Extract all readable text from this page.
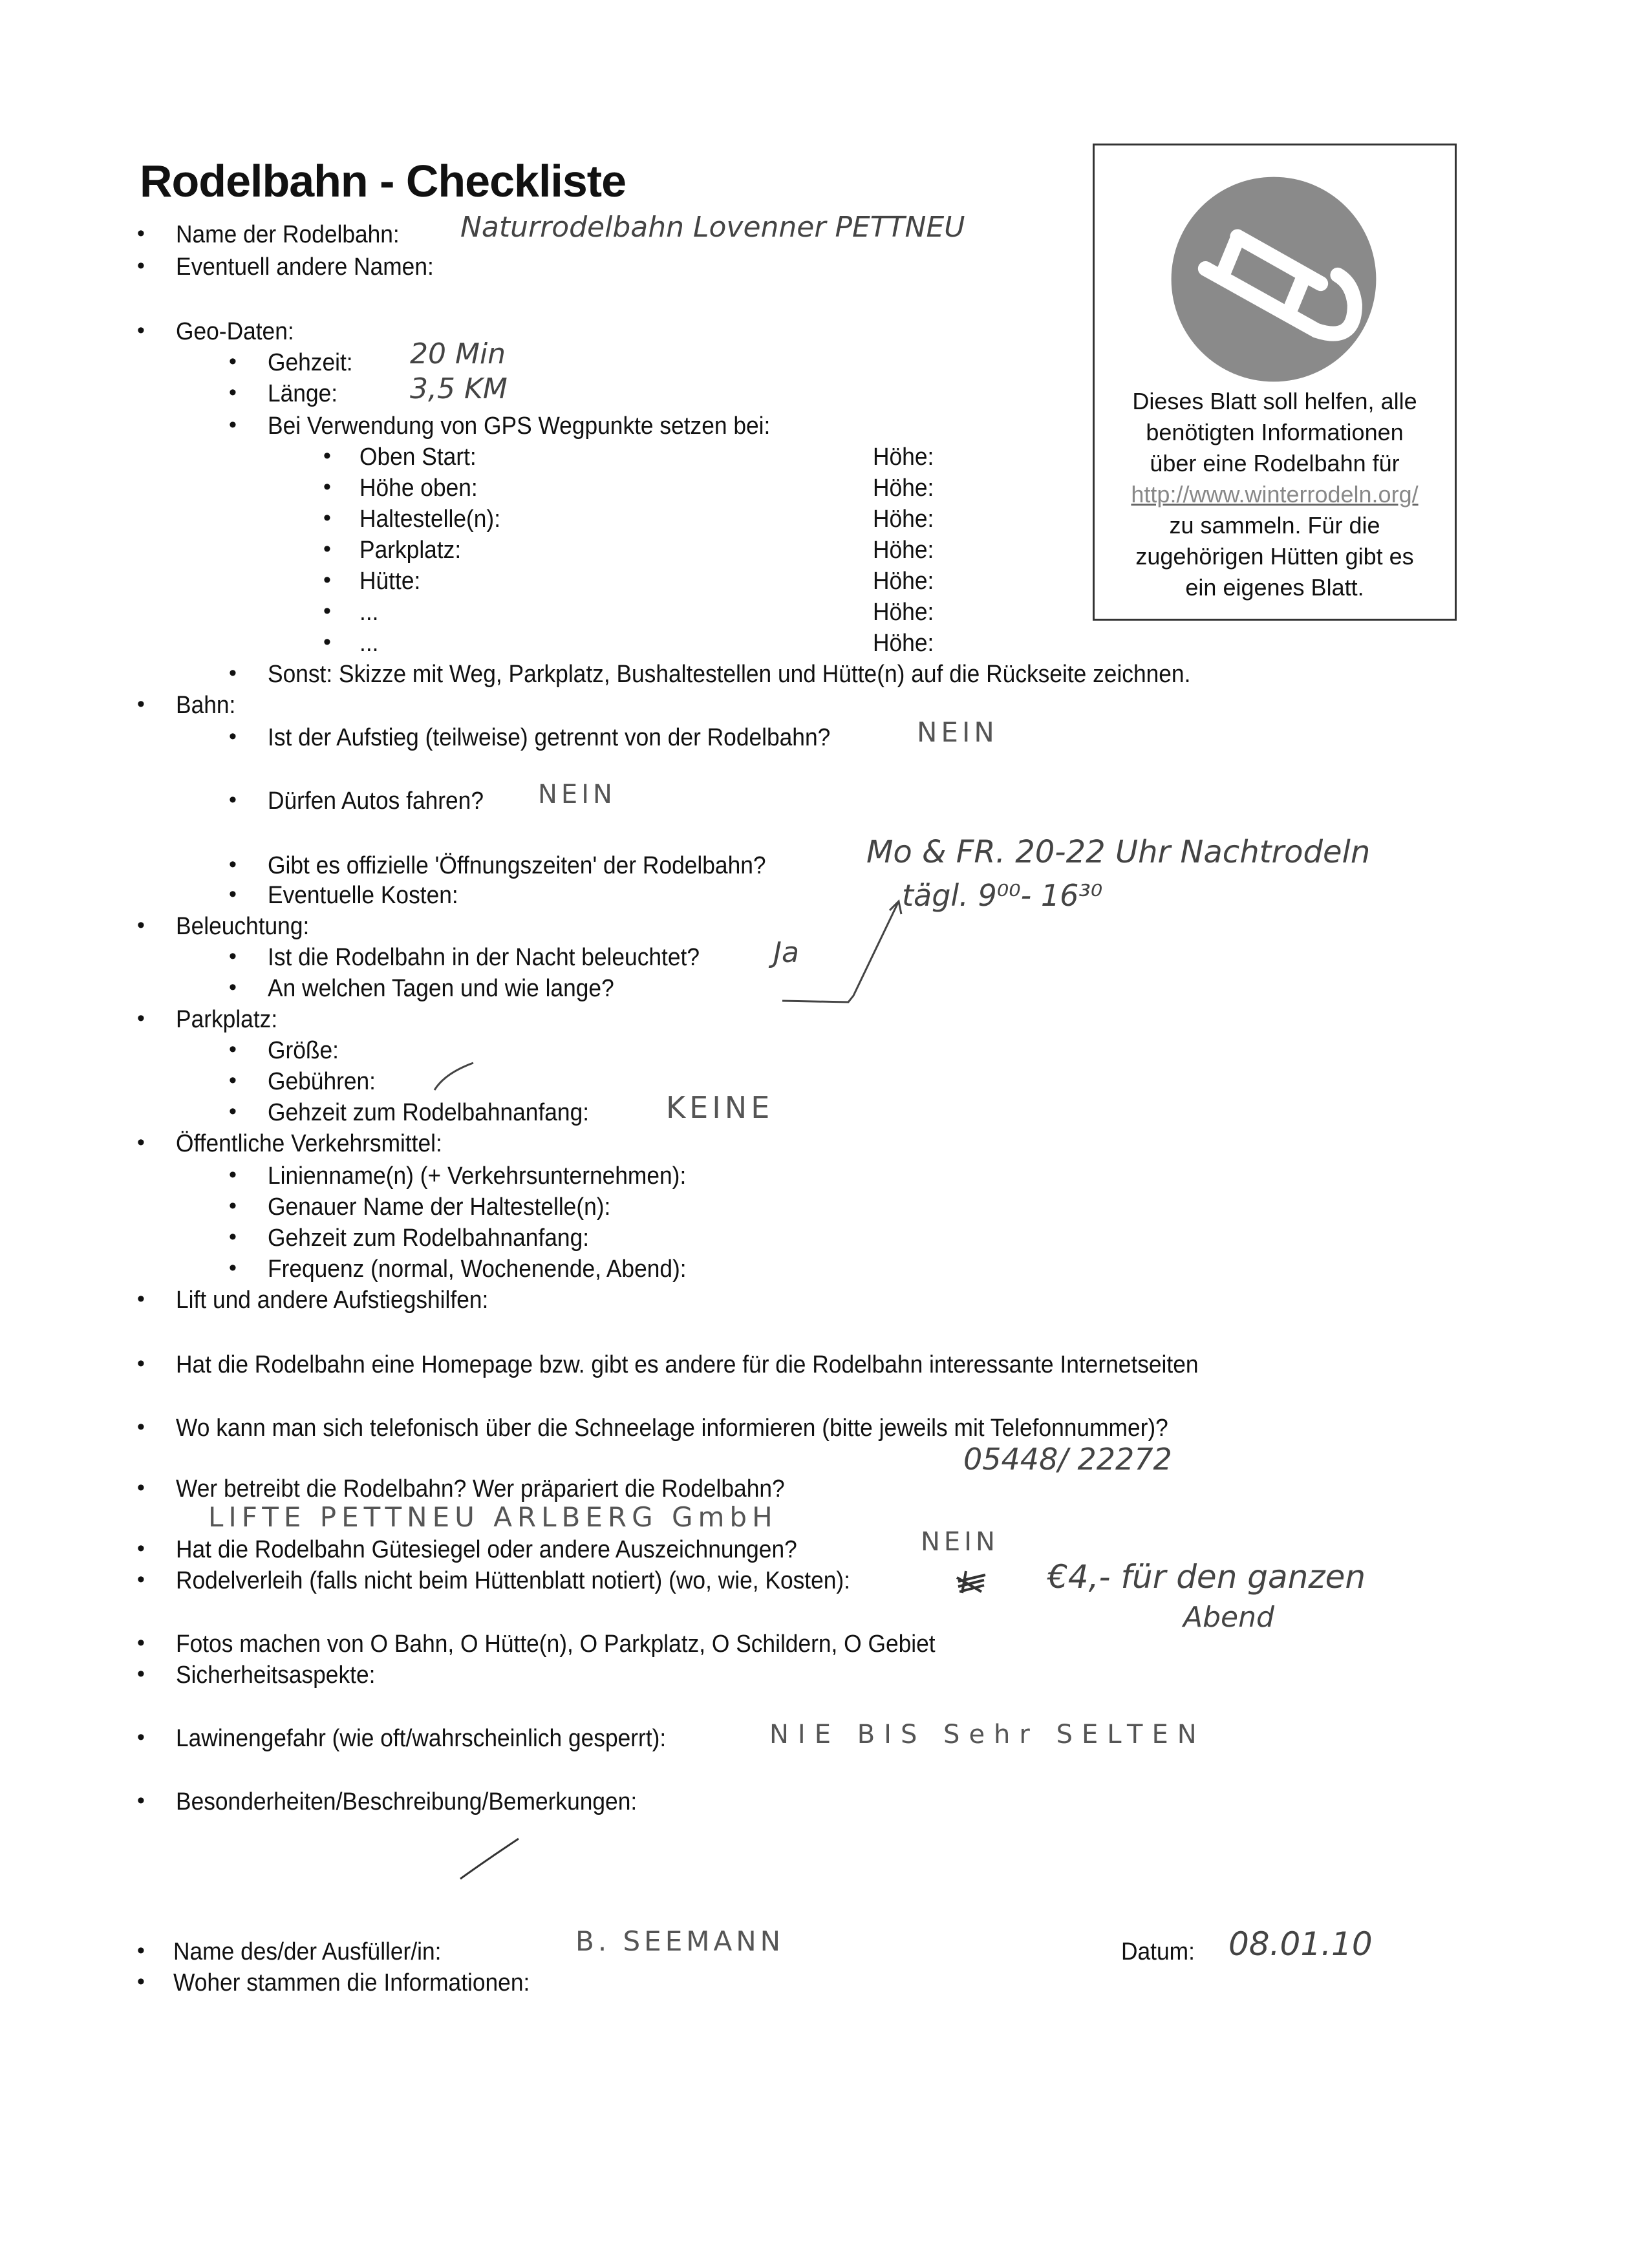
Rodelbahn - Checkliste
Dieses Blatt soll helfen, alle
benötigten Informationen
über eine Rodelbahn für
http://www.winterrodeln.org/
zu sammeln. Für die
zugehörigen Hütten gibt es
ein eigenes Blatt.
• Name der Rodelbahn: Naturrodelbahn Lovenner PETTNEU
• Eventuell andere Namen:
• Geo-Daten:
• Gehzeit: 20 Min
• Länge:	3,5 KM
• Bei Verwendung von GPS Wegpunkte setzen bei:
• Oben Start:	Höhe:
• Höhe oben:	Höhe:
• Haltestelle(n):	Höhe:
• Parkplatz:	Höhe:
• Hütte:	Höhe:
• ...	Höhe:
• ...	Höhe:
• Sonst: Skizze mit Weg, Parkplatz, Bushaltestellen und Hütte(n) auf die Rückseite zeichnen.
• Bahn:
• Ist der Aufstieg (teilweise) getrennt von der Rodelbahn?	NEIN
• Dürfen Autos fahren? NEIN
• Gibt es offizielle 'Öffnungszeiten' der Rodelbahn?	Mo & FR. 20-22 Uhr Nachtrodeln
tägl. 9⁰⁰- 16³⁰
• Eventuelle Kosten:
• Beleuchtung:
• Ist die Rodelbahn in der Nacht beleuchtet?	Ja
• An welchen Tagen und wie lange?
• Parkplatz:
• Größe:
• Gebühren:
• Gehzeit zum Rodelbahnanfang:	KEINE
• Öffentliche Verkehrsmittel:
• Linienname(n) (+ Verkehrsunternehmen):
• Genauer Name der Haltestelle(n):
• Gehzeit zum Rodelbahnanfang:
• Frequenz (normal, Wochenende, Abend):
• Lift und andere Aufstiegshilfen:
• Hat die Rodelbahn eine Homepage bzw. gibt es andere für die Rodelbahn interessante Internetseiten
• Wo kann man sich telefonisch über die Schneelage informieren (bitte jeweils mit Telefonnummer)?
05448/ 22272
• Wer betreibt die Rodelbahn? Wer präpariert die Rodelbahn?
LIFTE PETTNEU ARLBERG GmbH
• Hat die Rodelbahn Gütesiegel oder andere Auszeichnungen?	NEIN
• Rodelverleih (falls nicht beim Hüttenblatt notiert) (wo, wie, Kosten):	€4,- für den ganzen
Abend
• Fotos machen von O Bahn, O Hütte(n), O Parkplatz, O Schildern, O Gebiet
• Sicherheitsaspekte:
• Lawinengefahr (wie oft/wahrscheinlich gesperrt):	NIE BIS Sehr SELTEN
• Besonderheiten/Beschreibung/Bemerkungen:
• Name des/der Ausfüller/in:	B. SEEMANN	Datum: 08.01.10
• Woher stammen die Informationen:
